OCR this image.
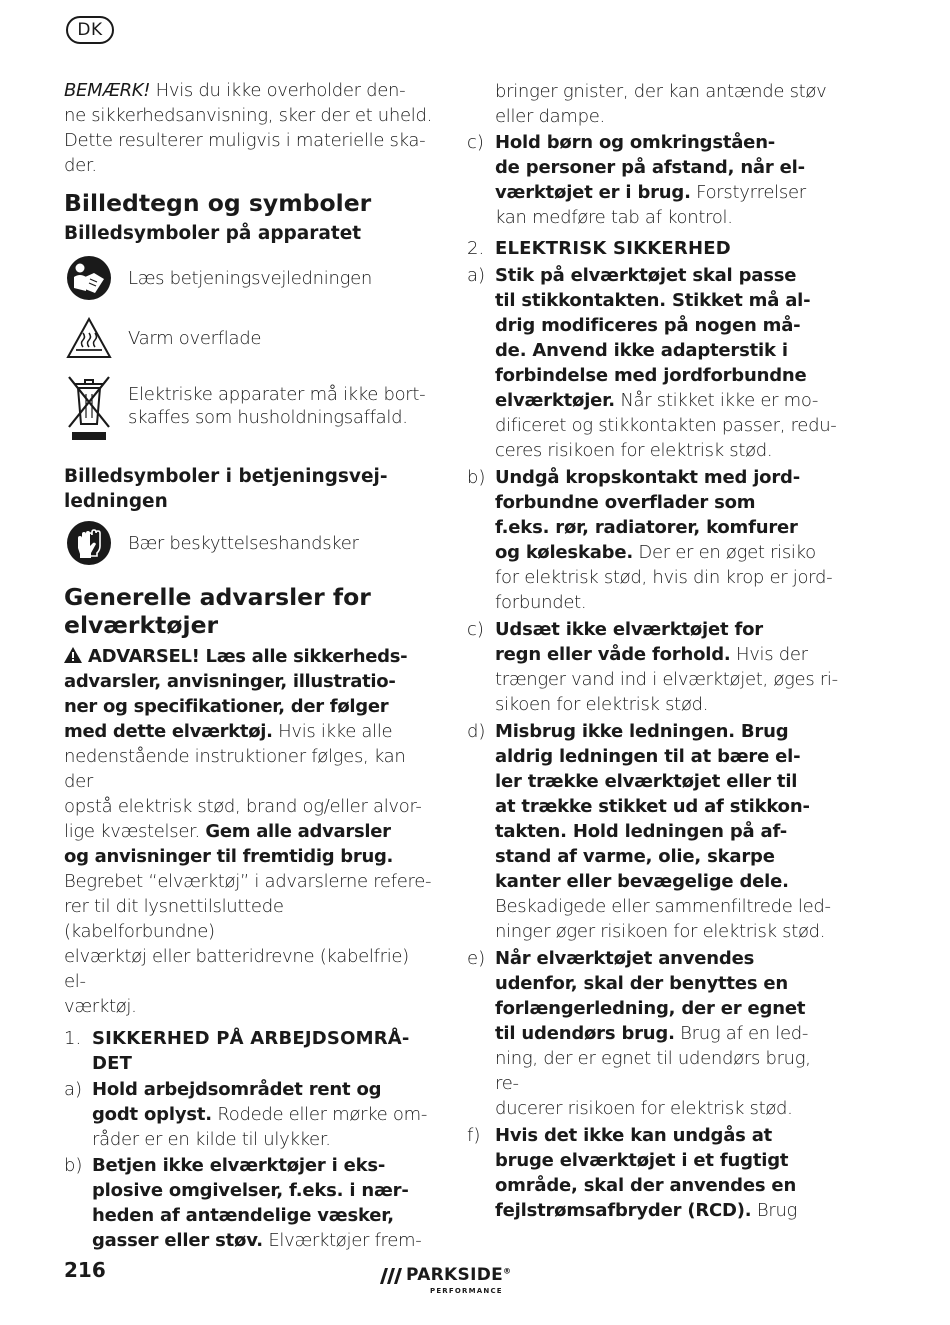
DK

BEMÆRK! Hvis du ikke overholder den-
ne sikkerhedsanvisning, sker der et uheld.
Dette resulterer muligvis i materielle ska-
der.

Billedtegn og symboler
Billedsymboler på apparatet
Læs betjeningsvejledningen
Varm overflade
Elektriske apparater må ikke bort-
skaffes som husholdningsaffald.
Billedsymboler i betjeningsvej-
ledningen
Bær beskyttelseshandsker
Generelle advarsler for
elværktøjer

ADVARSEL! Læs alle sikkerheds-
advarsler, anvisninger, illustratio-
ner og specifikationer, der følger
med dette elværktøj. Hvis ikke alle
nedenstående instruktioner følges, kan der
opstå elektrisk stød, brand og/eller alvor-
lige kvæstelser. Gem alle advarsler
og anvisninger til fremtidig brug.
Begrebet “elværktøj” i advarslerne refere-
rer til dit lysnettilsluttede (kabelforbundne)
elværktøj eller batteridrevne (kabelfrie) el-
værktøj.

1. SIKKERHED PÅ ARBEJDSOMRÅ-
DET
a) Hold arbejdsområdet rent og
godt oplyst. Rodede eller mørke om-
råder er en kilde til ulykker.
b) Betjen ikke elværktøjer i eks-
plosive omgivelser, f.eks. i nær-
heden af antændelige væsker,
gasser eller støv. Elværktøjer frem-
bringer gnister, der kan antænde støv
eller dampe.
c) Hold børn og omkringståen-
de personer på afstand, når el-
værktøjet er i brug. Forstyrrelser
kan medføre tab af kontrol.
2. ELEKTRISK SIKKERHED
a) Stik på elværktøjet skal passe
til stikkontakten. Stikket må al-
drig modificeres på nogen må-
de. Anvend ikke adapterstik i
forbindelse med jordforbundne
elværktøjer. Når stikket ikke er mo-
dificeret og stikkontakten passer, redu-
ceres risikoen for elektrisk stød.
b) Undgå kropskontakt med jord-
forbundne overflader som
f.eks. rør, radiatorer, komfurer
og køleskabe. Der er en øget risiko
for elektrisk stød, hvis din krop er jord-
forbundet.
c) Udsæt ikke elværktøjet for
regn eller våde forhold. Hvis der
trænger vand ind i elværktøjet, øges ri-
sikoen for elektrisk stød.
d) Misbrug ikke ledningen. Brug
aldrig ledningen til at bære el-
ler trække elværktøjet eller til
at trække stikket ud af stikkon-
takten. Hold ledningen på af-
stand af varme, olie, skarpe
kanter eller bevægelige dele.
Beskadigede eller sammenfiltrede led-
ninger øger risikoen for elektrisk stød.
e) Når elværktøjet anvendes
udenfor, skal der benyttes en
forlængerledning, der er egnet
til udendørs brug. Brug af en led-
ning, der er egnet til udendørs brug, re-
ducerer risikoen for elektrisk stød.
f) Hvis det ikke kan undgås at
bruge elværktøjet i et fugtigt
område, skal der anvendes en
fejlstrømsafbryder (RCD). Brug
216	PARKSIDE®
PERFORMANCE
